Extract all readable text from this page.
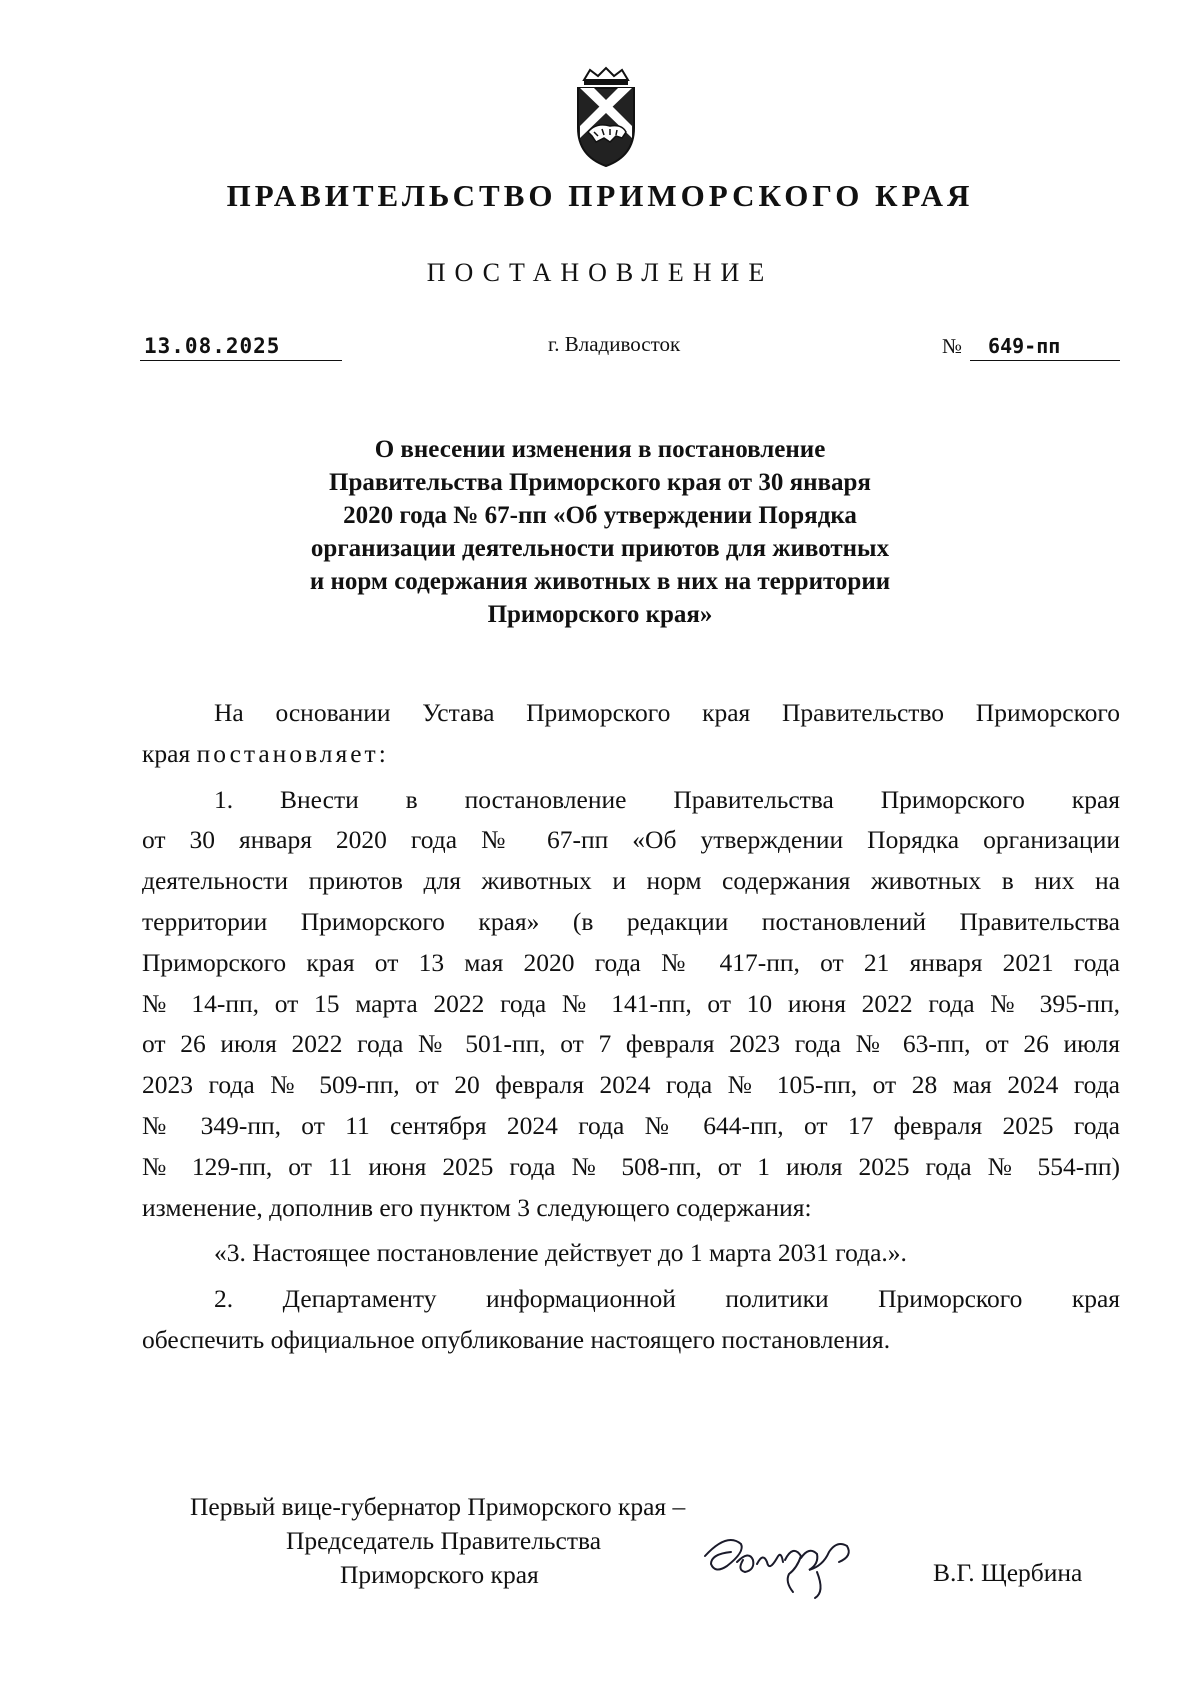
ПРАВИТЕЛЬСТВО ПРИМОРСКОГО КРАЯ
ПОСТАНОВЛЕНИЕ
13.08.2025	г. Владивосток	№ 649-пп
О внесении изменения в постановление
Правительства Приморского края от 30 января
2020 года № 67-пп «Об утверждении Порядка
организации деятельности приютов для животных
и норм содержания животных в них на территории
Приморского края»
На основании Устава Приморского края Правительство Приморского
края постановляет:
1. Внести в постановление Правительства Приморского края
от 30 января 2020 года № 67-пп «Об утверждении Порядка организации
деятельности приютов для животных и норм содержания животных в них на
территории Приморского края» (в редакции постановлений Правительства
Приморского края от 13 мая 2020 года № 417-пп, от 21 января 2021 года
№ 14-пп, от 15 марта 2022 года № 141-пп, от 10 июня 2022 года № 395-пп,
от 26 июля 2022 года № 501-пп, от 7 февраля 2023 года № 63-пп, от 26 июля
2023 года № 509-пп, от 20 февраля 2024 года № 105-пп, от 28 мая 2024 года
№ 349-пп, от 11 сентября 2024 года № 644-пп, от 17 февраля 2025 года
№ 129-пп, от 11 июня 2025 года № 508-пп, от 1 июля 2025 года № 554-пп)
изменение, дополнив его пунктом 3 следующего содержания:
«3. Настоящее постановление действует до 1 марта 2031 года.».
2. Департаменту информационной политики Приморского края
обеспечить официальное опубликование настоящего постановления.
Первый вице-губернатор Приморского края –
Председатель Правительства
Приморского края	В.Г. Щербина
